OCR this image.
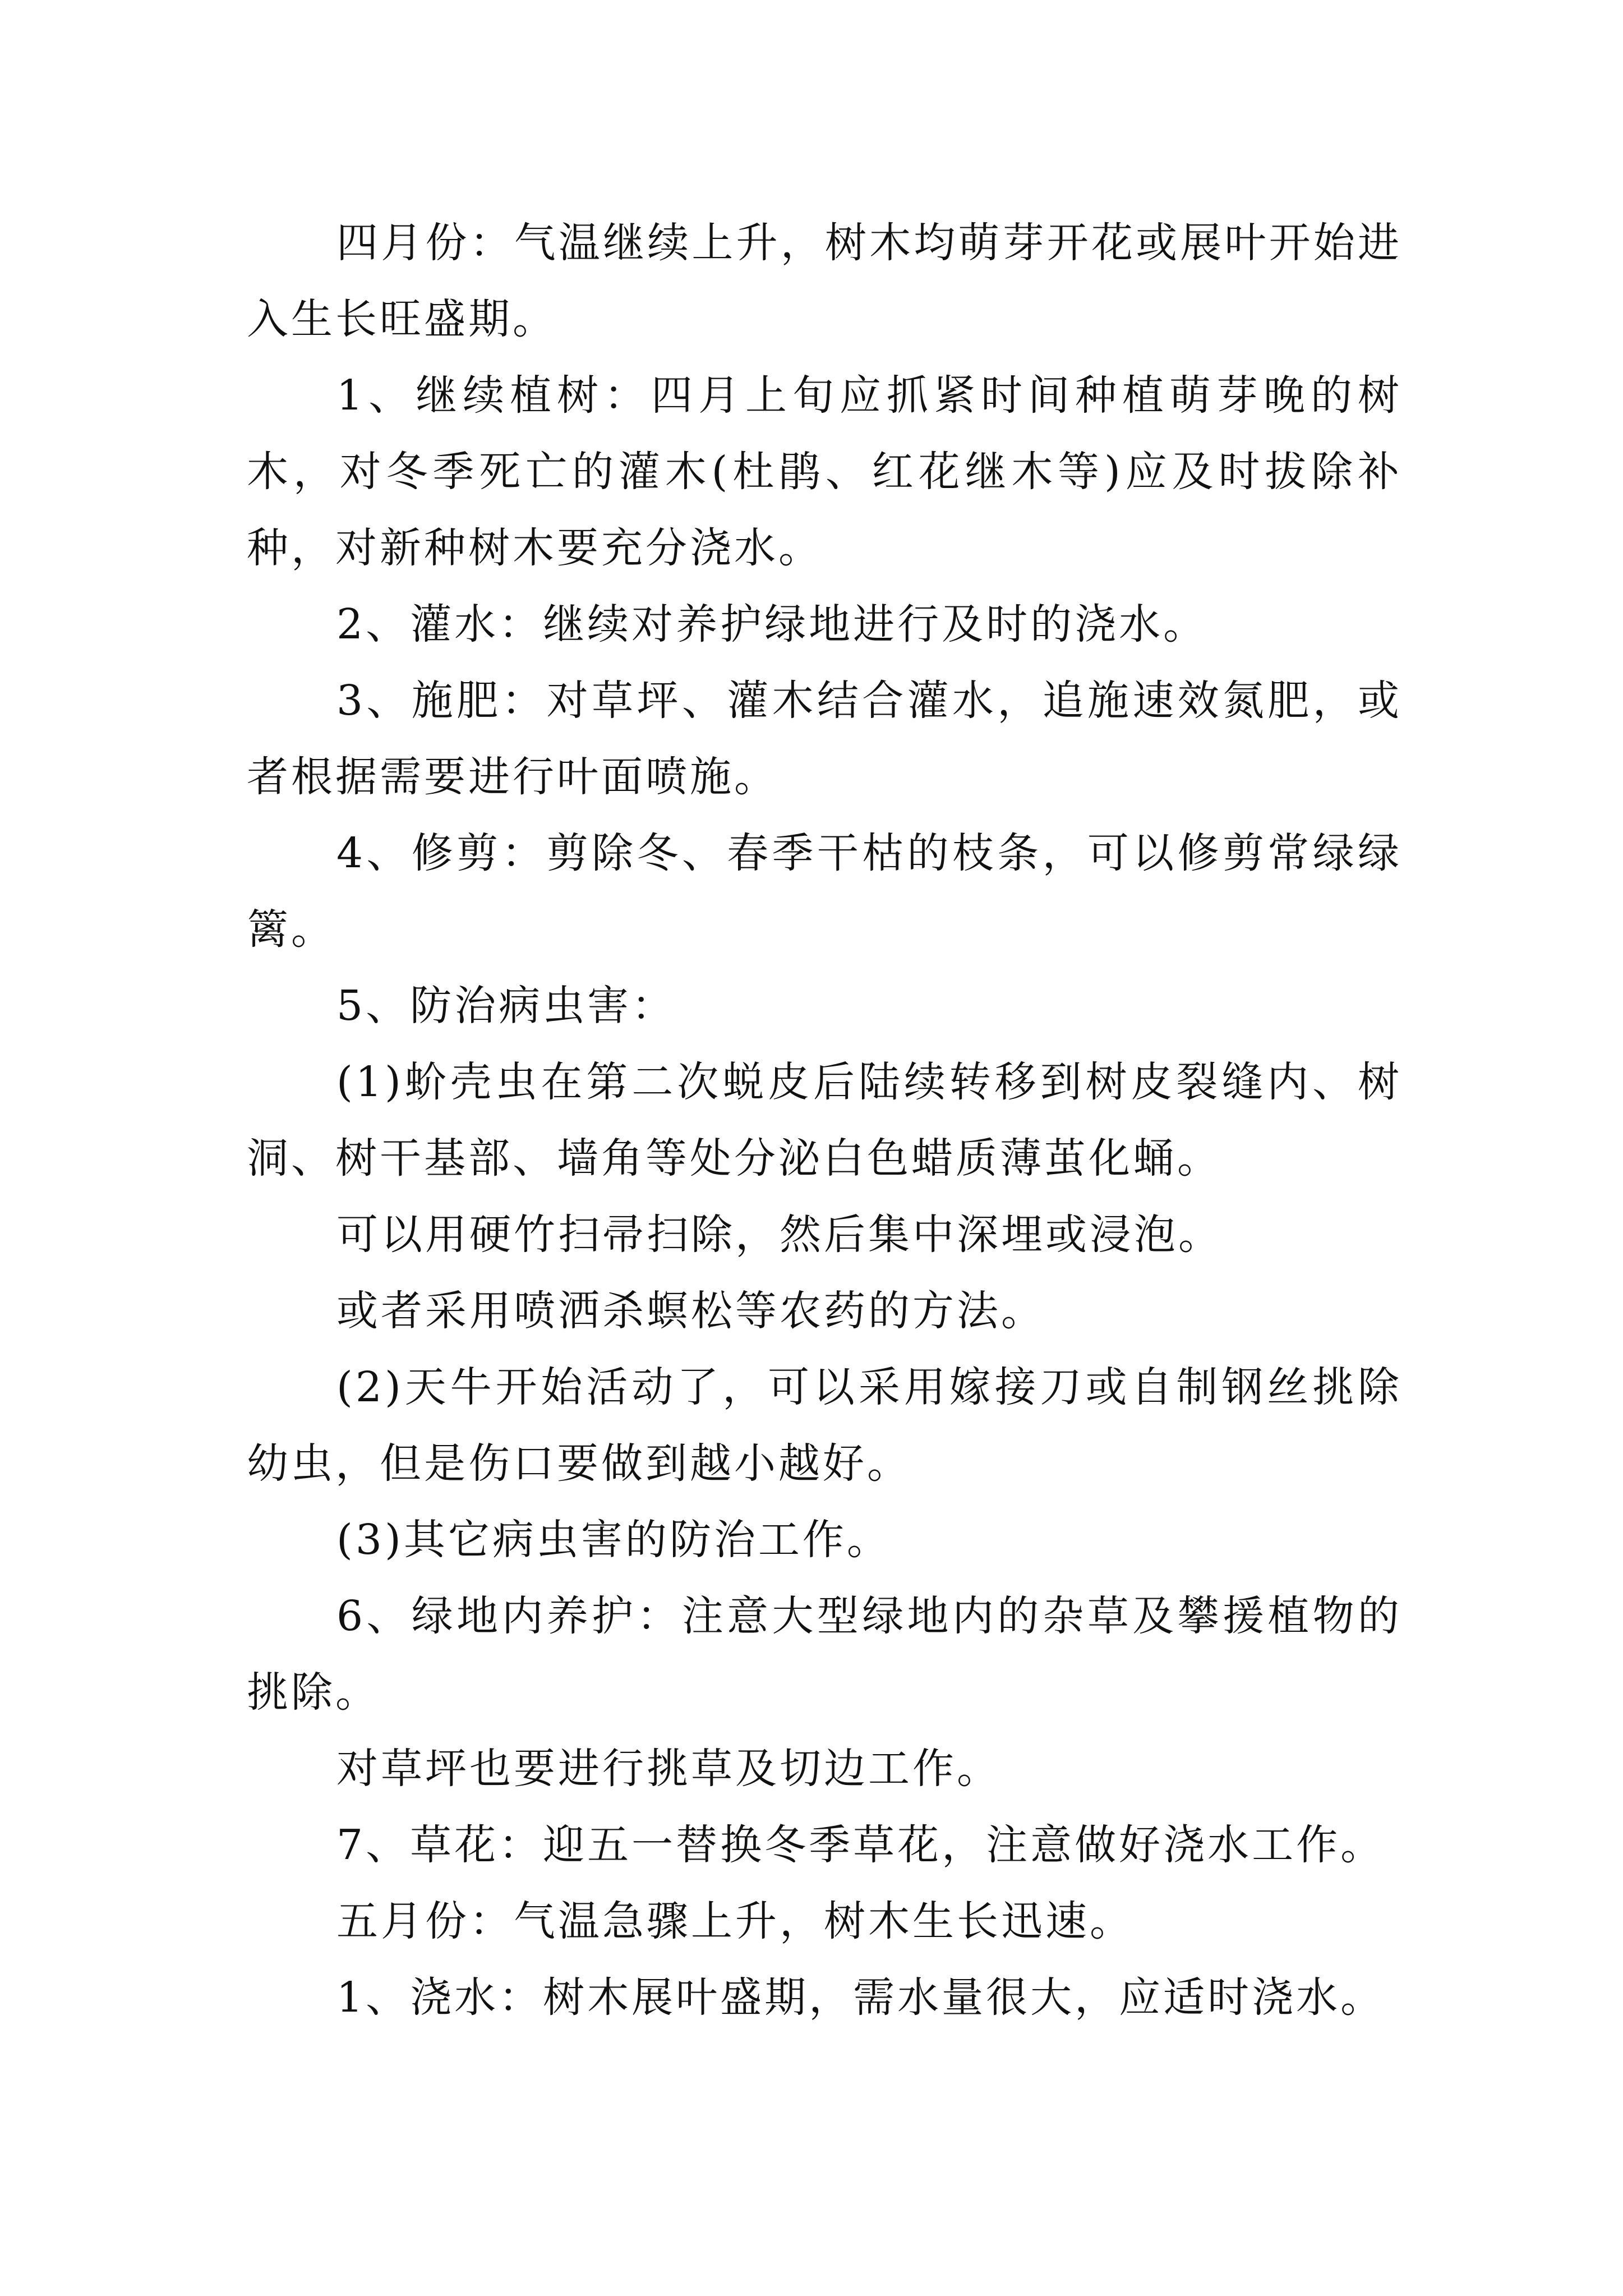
四月份：气温继续上升，树木均萌芽开花或展叶开始进入生长旺盛期。

1、继续植树：四月上旬应抓紧时间种植萌芽晚的树木，对冬季死亡的灌木(杜鹃、红花继木等)应及时拔除补种，对新种树木要充分浇水。

2、灌水：继续对养护绿地进行及时的浇水。

3、施肥：对草坪、灌木结合灌水，追施速效氮肥，或者根据需要进行叶面喷施。

4、修剪：剪除冬、春季干枯的枝条，可以修剪常绿绿篱。

5、防治病虫害：

(1)蚧壳虫在第二次蜕皮后陆续转移到树皮裂缝内、树洞、树干基部、墙角等处分泌白色蜡质薄茧化蛹。

可以用硬竹扫帚扫除，然后集中深埋或浸泡。

或者采用喷洒杀螟松等农药的方法。

(2)天牛开始活动了，可以采用嫁接刀或自制钢丝挑除幼虫，但是伤口要做到越小越好。

(3)其它病虫害的防治工作。

6、绿地内养护：注意大型绿地内的杂草及攀援植物的挑除。

对草坪也要进行挑草及切边工作。

7、草花：迎五一替换冬季草花，注意做好浇水工作。

五月份：气温急骤上升，树木生长迅速。

1、浇水：树木展叶盛期，需水量很大，应适时浇水。
